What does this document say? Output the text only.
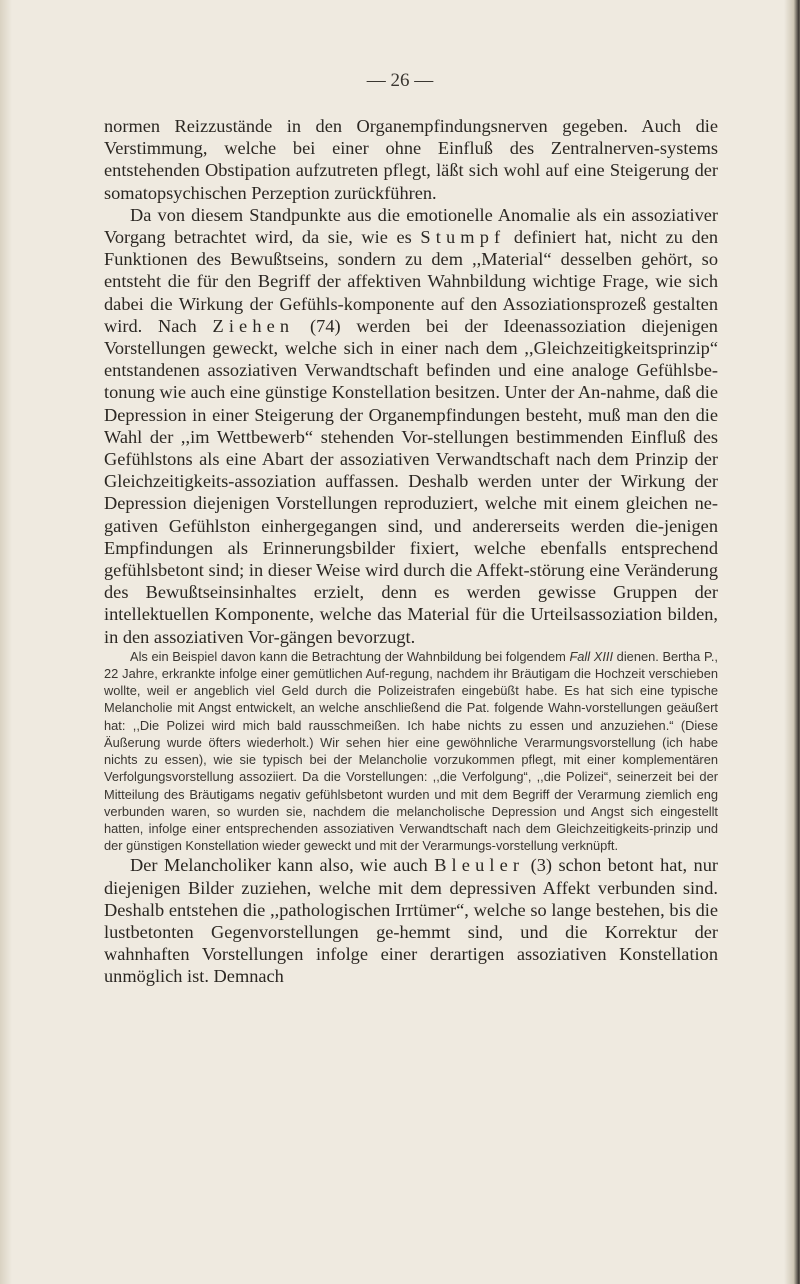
— 26 —

normen Reizzustände in den Organempfindungsnerven gegeben. Auch die Verstimmung, welche bei einer ohne Einfluß des Zentralnerven-systems entstehenden Obstipation aufzutreten pflegt, läßt sich wohl auf eine Steigerung der somatopsychischen Perzeption zurückführen.

Da von diesem Standpunkte aus die emotionelle Anomalie als ein assoziativer Vorgang betrachtet wird, da sie, wie es Stumpf definiert hat, nicht zu den Funktionen des Bewußtseins, sondern zu dem ,,Material“ desselben gehört, so entsteht die für den Begriff der affektiven Wahnbildung wichtige Frage, wie sich dabei die Wirkung der Gefühls-komponente auf den Assoziationsprozeß gestalten wird. Nach Ziehen (74) werden bei der Ideenassoziation diejenigen Vorstellungen geweckt, welche sich in einer nach dem ,,Gleichzeitigkeitsprinzip“ entstandenen assoziativen Verwandtschaft befinden und eine analoge Gefühlsbe-tonung wie auch eine günstige Konstellation besitzen. Unter der An-nahme, daß die Depression in einer Steigerung der Organempfindungen besteht, muß man den die Wahl der ,,im Wettbewerb“ stehenden Vor-stellungen bestimmenden Einfluß des Gefühlstons als eine Abart der assoziativen Verwandtschaft nach dem Prinzip der Gleichzeitigkeits-assoziation auffassen. Deshalb werden unter der Wirkung der Depression diejenigen Vorstellungen reproduziert, welche mit einem gleichen ne-gativen Gefühlston einhergegangen sind, und andererseits werden die-jenigen Empfindungen als Erinnerungsbilder fixiert, welche ebenfalls entsprechend gefühlsbetont sind; in dieser Weise wird durch die Affekt-störung eine Veränderung des Bewußtseinsinhaltes erzielt, denn es werden gewisse Gruppen der intellektuellen Komponente, welche das Material für die Urteilsassoziation bilden, in den assoziativen Vor-gängen bevorzugt.

Als ein Beispiel davon kann die Betrachtung der Wahnbildung bei folgendem Fall XIII dienen. Bertha P., 22 Jahre, erkrankte infolge einer gemütlichen Auf-regung, nachdem ihr Bräutigam die Hochzeit verschieben wollte, weil er angeblich viel Geld durch die Polizeistrafen eingebüßt habe. Es hat sich eine typische Melancholie mit Angst entwickelt, an welche anschließend die Pat. folgende Wahn-vorstellungen geäußert hat: ,,Die Polizei wird mich bald rausschmeißen. Ich habe nichts zu essen und anzuziehen.“ (Diese Äußerung wurde öfters wiederholt.) Wir sehen hier eine gewöhnliche Verarmungsvorstellung (ich habe nichts zu essen), wie sie typisch bei der Melancholie vorzukommen pflegt, mit einer komplementären Verfolgungsvorstellung assoziiert. Da die Vorstellungen: ,,die Verfolgung“, ,,die Polizei“, seinerzeit bei der Mitteilung des Bräutigams negativ gefühlsbetont wurden und mit dem Begriff der Verarmung ziemlich eng verbunden waren, so wurden sie, nachdem die melancholische Depression und Angst sich eingestellt hatten, infolge einer entsprechenden assoziativen Verwandtschaft nach dem Gleichzeitigkeits-prinzip und der günstigen Konstellation wieder geweckt und mit der Verarmungs-vorstellung verknüpft.

Der Melancholiker kann also, wie auch Bleuler (3) schon betont hat, nur diejenigen Bilder zuziehen, welche mit dem depressiven Affekt verbunden sind. Deshalb entstehen die ,,pathologischen Irrtümer“, welche so lange bestehen, bis die lustbetonten Gegenvorstellungen ge-hemmt sind, und die Korrektur der wahnhaften Vorstellungen infolge einer derartigen assoziativen Konstellation unmöglich ist. Demnach
